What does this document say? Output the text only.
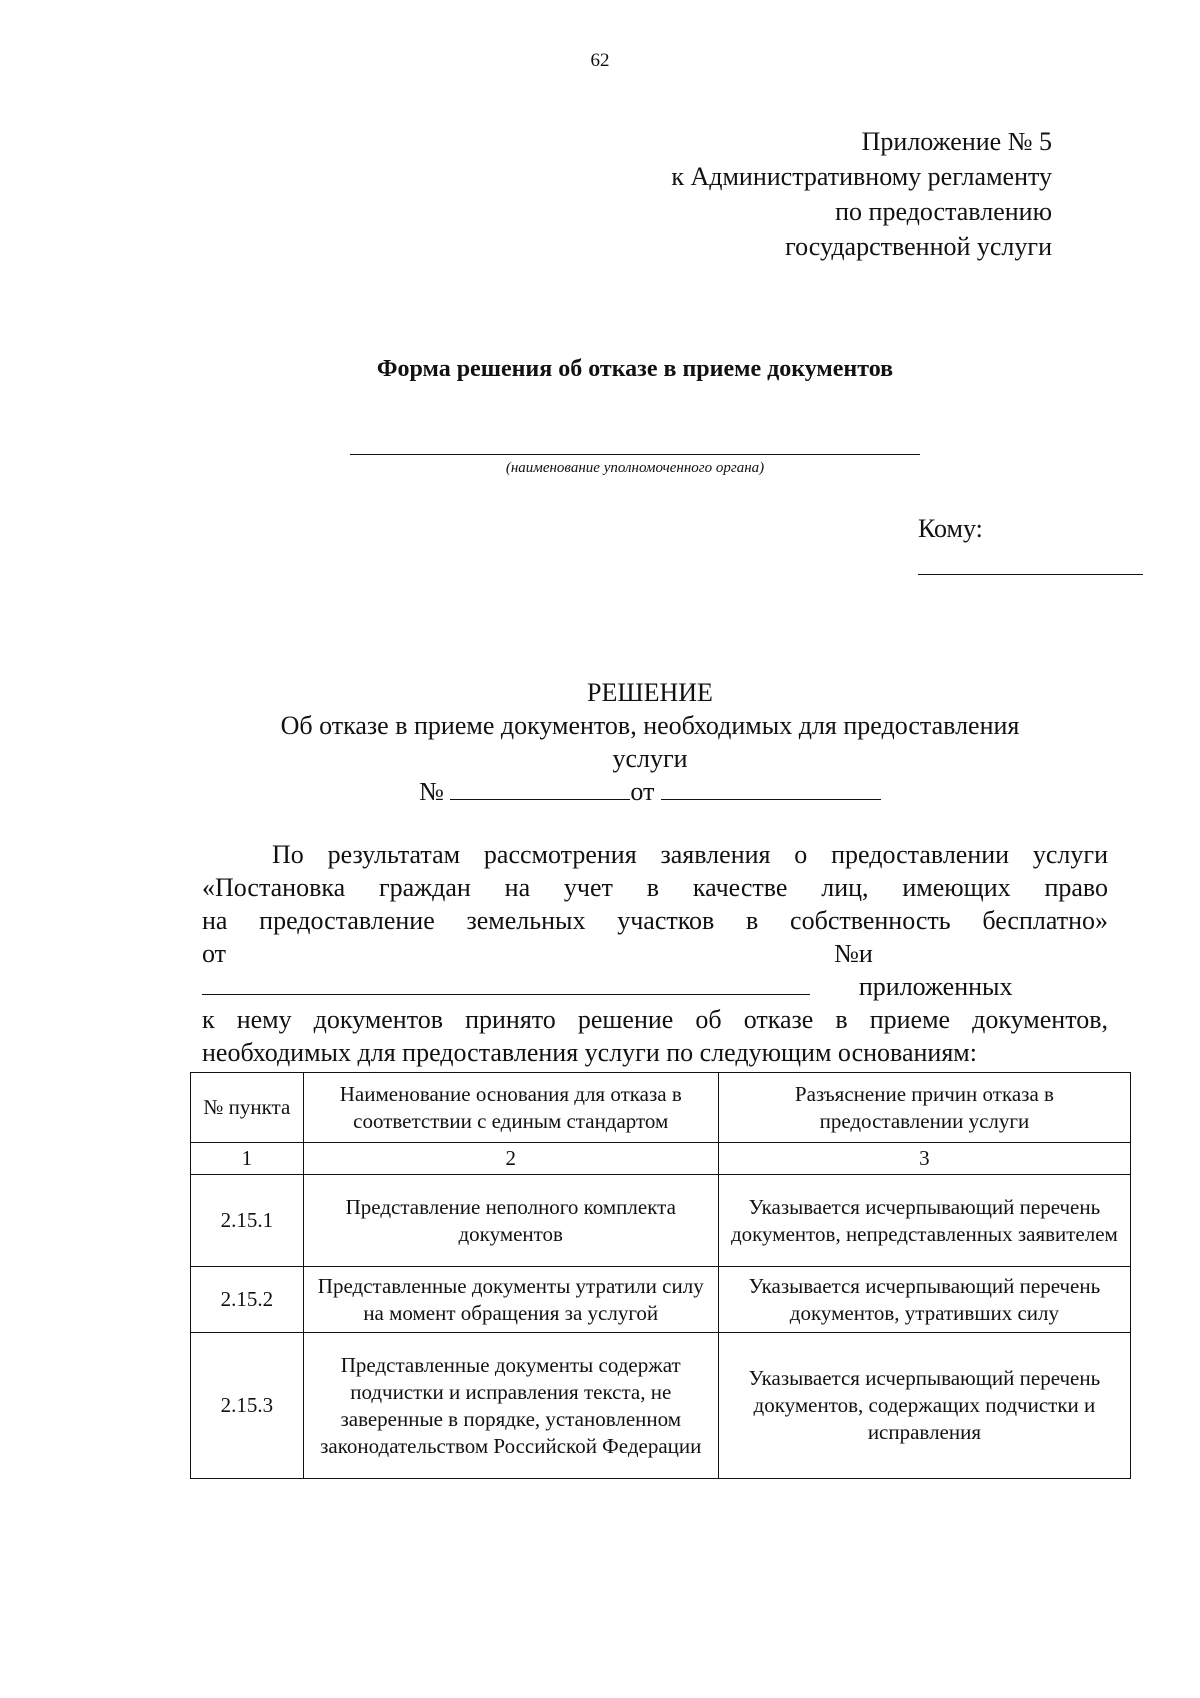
62
Приложение № 5
к Административному регламенту
по предоставлению
государственной услуги
Форма решения об отказе в приеме документов
(наименование уполномоченного органа)
Кому:
РЕШЕНИЕ
Об отказе в приеме документов, необходимых для предоставления
услуги
№	от
По результатам рассмотрения заявления о предоставлении услуги
«Постановка граждан на учет в качестве лиц, имеющих право
на предоставление земельных участков в собственность бесплатно»
от № и приложенных
к нему документов принято решение об отказе в приеме документов,
необходимых для предоставления услуги по следующим основаниям:
№ пункта	Наименование основания для отказа в соответствии с единым стандартом	Разъяснение причин отказа в предоставлении услуги
1	2	3
2.15.1	Представление неполного комплекта документов	Указывается исчерпывающий перечень документов, непредставленных заявителем
2.15.2	Представленные документы утратили силу на момент обращения за услугой	Указывается исчерпывающий перечень документов, утративших силу
2.15.3	Представленные документы содержат подчистки и исправления текста, не заверенные в порядке, установленном законодательством Российской Федерации	Указывается исчерпывающий перечень документов, содержащих подчистки и исправления
